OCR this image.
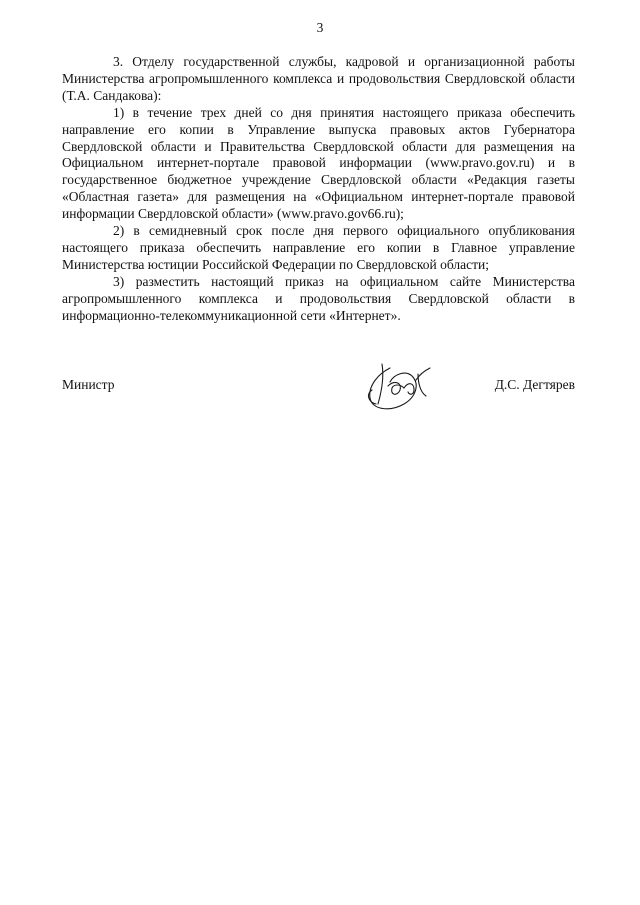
3

3. Отделу государственной службы, кадровой и организационной работы Министерства агропромышленного комплекса и продовольствия Свердловской области (Т.А. Сандакова):

1) в течение трех дней со дня принятия настоящего приказа обеспечить направление его копии в Управление выпуска правовых актов Губернатора Свердловской области и Правительства Свердловской области для размещения на Официальном интернет-портале правовой информации (www.pravo.gov.ru) и в государственное бюджетное учреждение Свердловской области «Редакция газеты «Областная газета» для размещения на «Официальном интернет-портале правовой информации Свердловской области» (www.pravo.gov66.ru);

2) в семидневный срок после дня первого официального опубликования настоящего приказа обеспечить направление его копии в Главное управление Министерства юстиции Российской Федерации по Свердловской области;

3) разместить настоящий приказ на официальном сайте Министерства агропромышленного комплекса и продовольствия Свердловской области в информационно-телекоммуникационной сети «Интернет».

Министр	Д.С. Дегтярев
